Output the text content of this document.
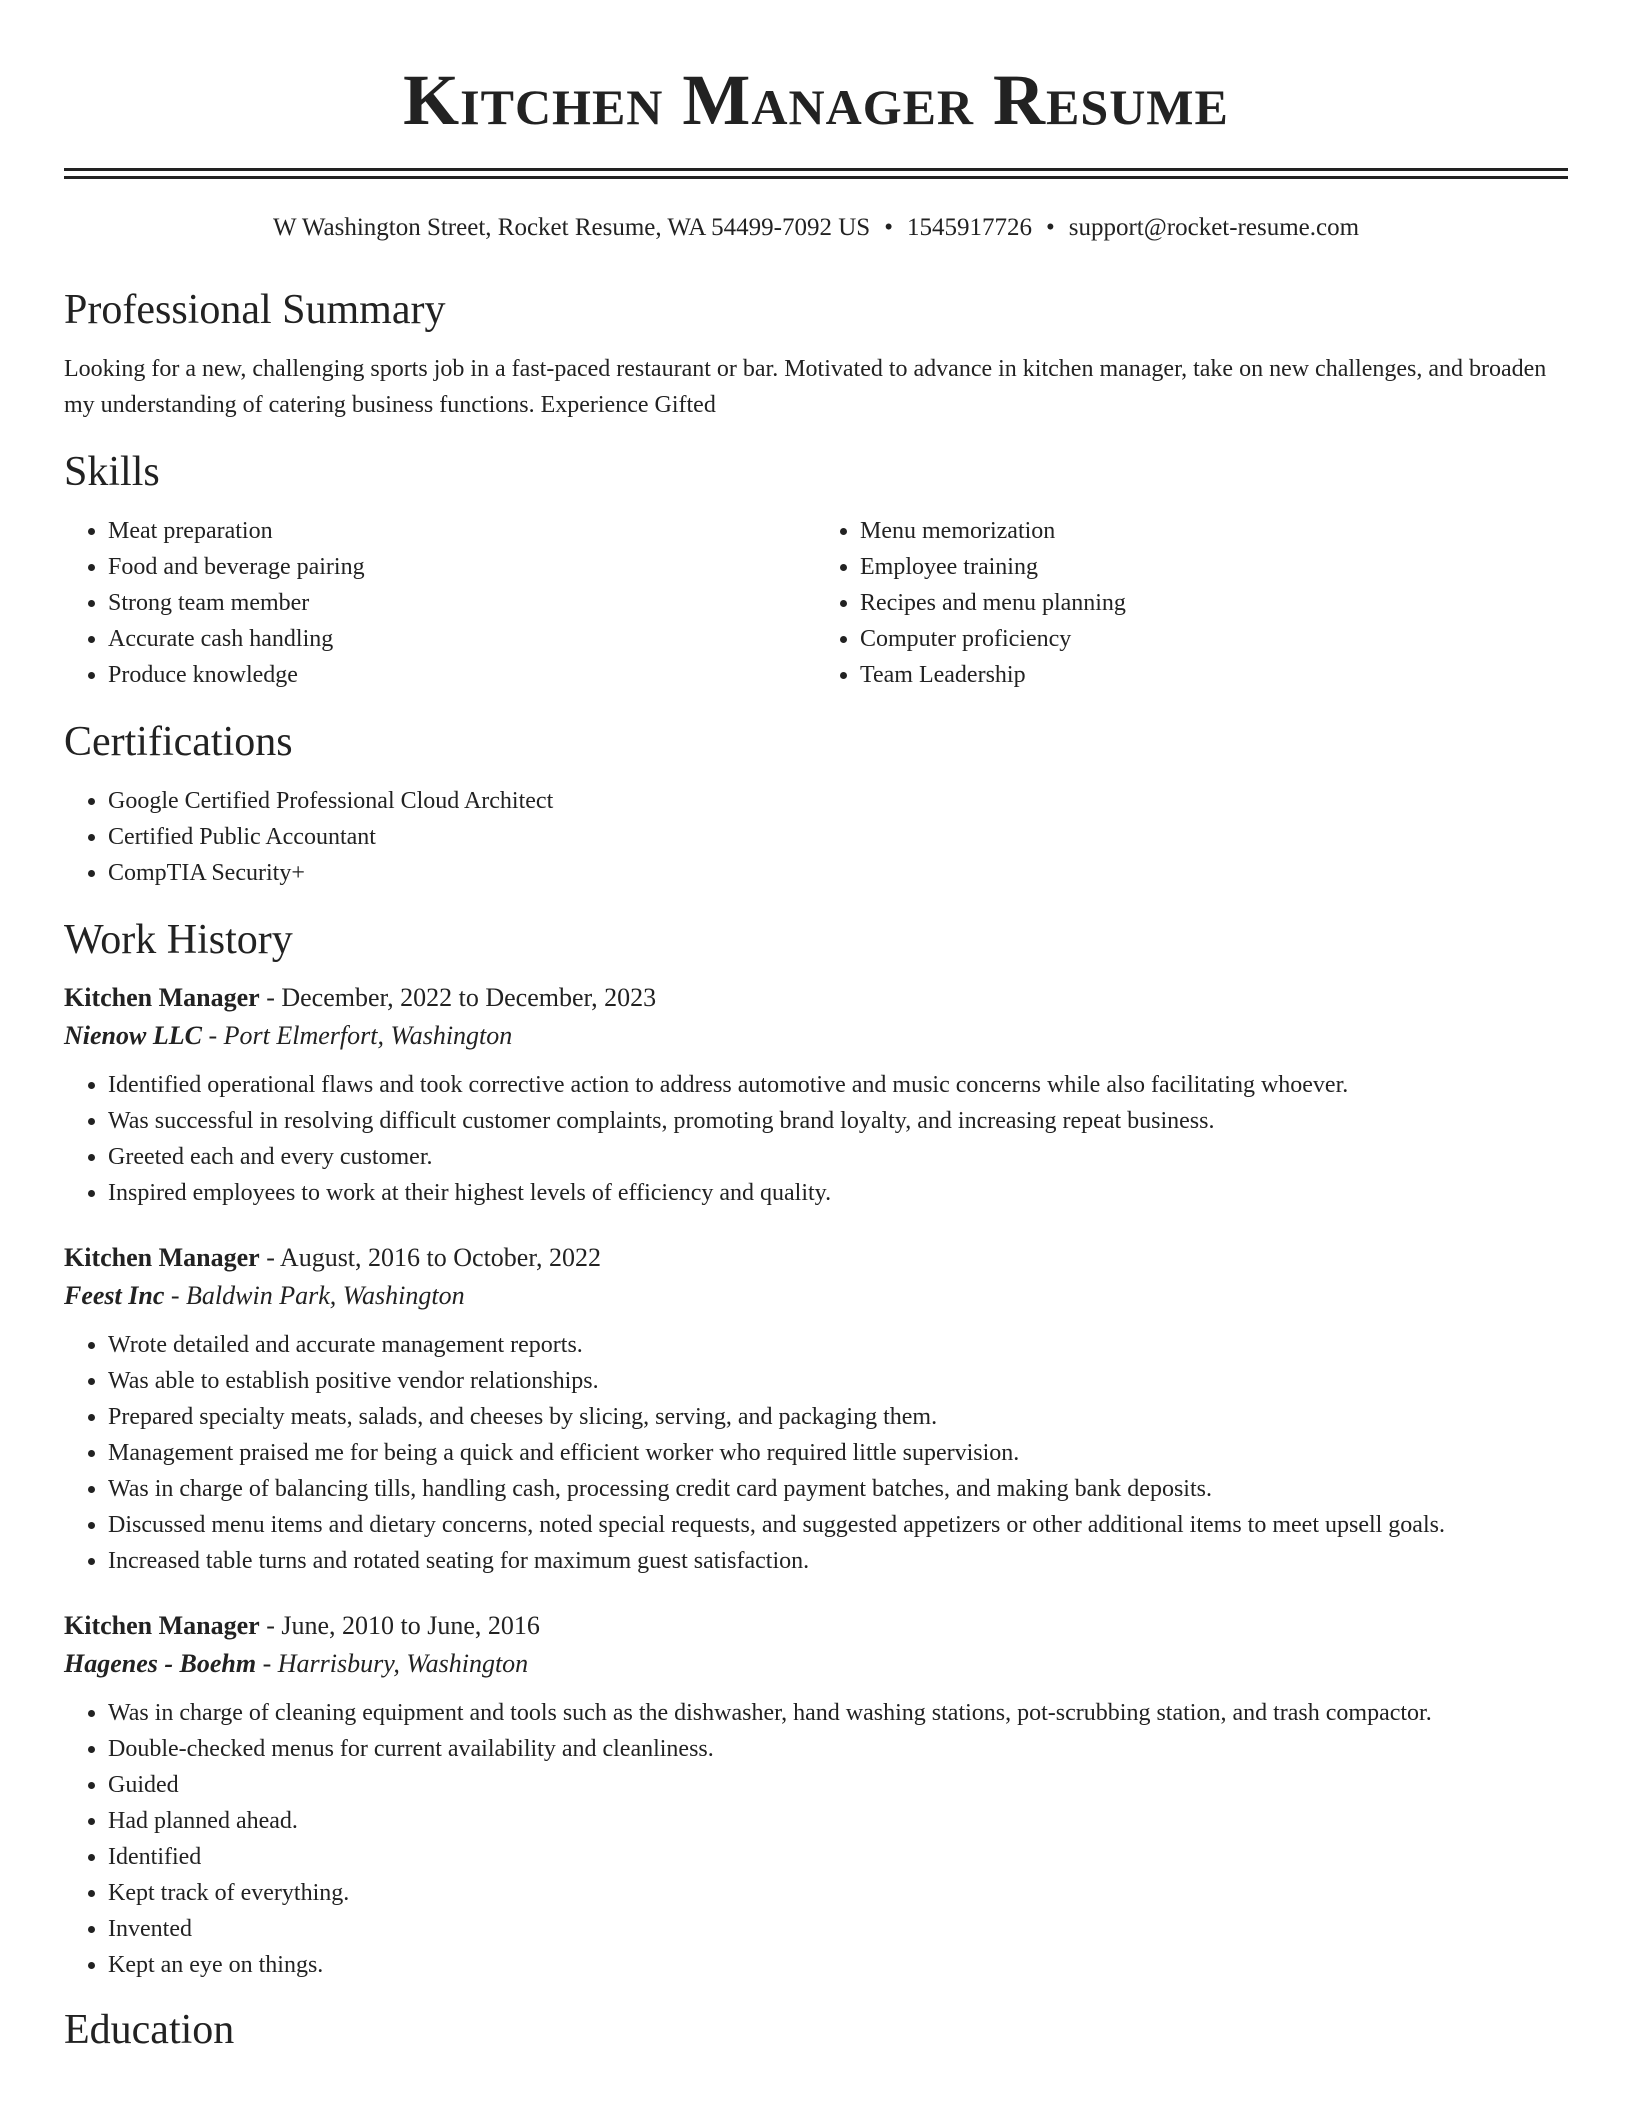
Kitchen Manager Resume
W Washington Street, Rocket Resume, WA 54499-7092 US • 1545917726 • support@rocket-resume.com
Professional Summary

Looking for a new, challenging sports job in a fast-paced restaurant or bar. Motivated to advance in kitchen manager, take on new challenges, and broaden my understanding of catering business functions. Experience Gifted

Skills
• Meat preparation
• Food and beverage pairing
• Strong team member
• Accurate cash handling
• Produce knowledge
• Menu memorization
• Employee training
• Recipes and menu planning
• Computer proficiency
• Team Leadership
Certifications
• Google Certified Professional Cloud Architect
• Certified Public Accountant
• CompTIA Security+
Work History
Kitchen Manager - December, 2022 to December, 2023
Nienow LLC - Port Elmerfort, Washington
• Identified operational flaws and took corrective action to address automotive and music concerns while also facilitating whoever.
• Was successful in resolving difficult customer complaints, promoting brand loyalty, and increasing repeat business.
• Greeted each and every customer.
• Inspired employees to work at their highest levels of efficiency and quality.
Kitchen Manager - August, 2016 to October, 2022
Feest Inc - Baldwin Park, Washington
• Wrote detailed and accurate management reports.
• Was able to establish positive vendor relationships.
• Prepared specialty meats, salads, and cheeses by slicing, serving, and packaging them.
• Management praised me for being a quick and efficient worker who required little supervision.
• Was in charge of balancing tills, handling cash, processing credit card payment batches, and making bank deposits.
• Discussed menu items and dietary concerns, noted special requests, and suggested appetizers or other additional items to meet upsell goals.
• Increased table turns and rotated seating for maximum guest satisfaction.
Kitchen Manager - June, 2010 to June, 2016
Hagenes - Boehm - Harrisbury, Washington
• Was in charge of cleaning equipment and tools such as the dishwasher, hand washing stations, pot-scrubbing station, and trash compactor.
• Double-checked menus for current availability and cleanliness.
• Guided
• Had planned ahead.
• Identified
• Kept track of everything.
• Invented
• Kept an eye on things.
Education
